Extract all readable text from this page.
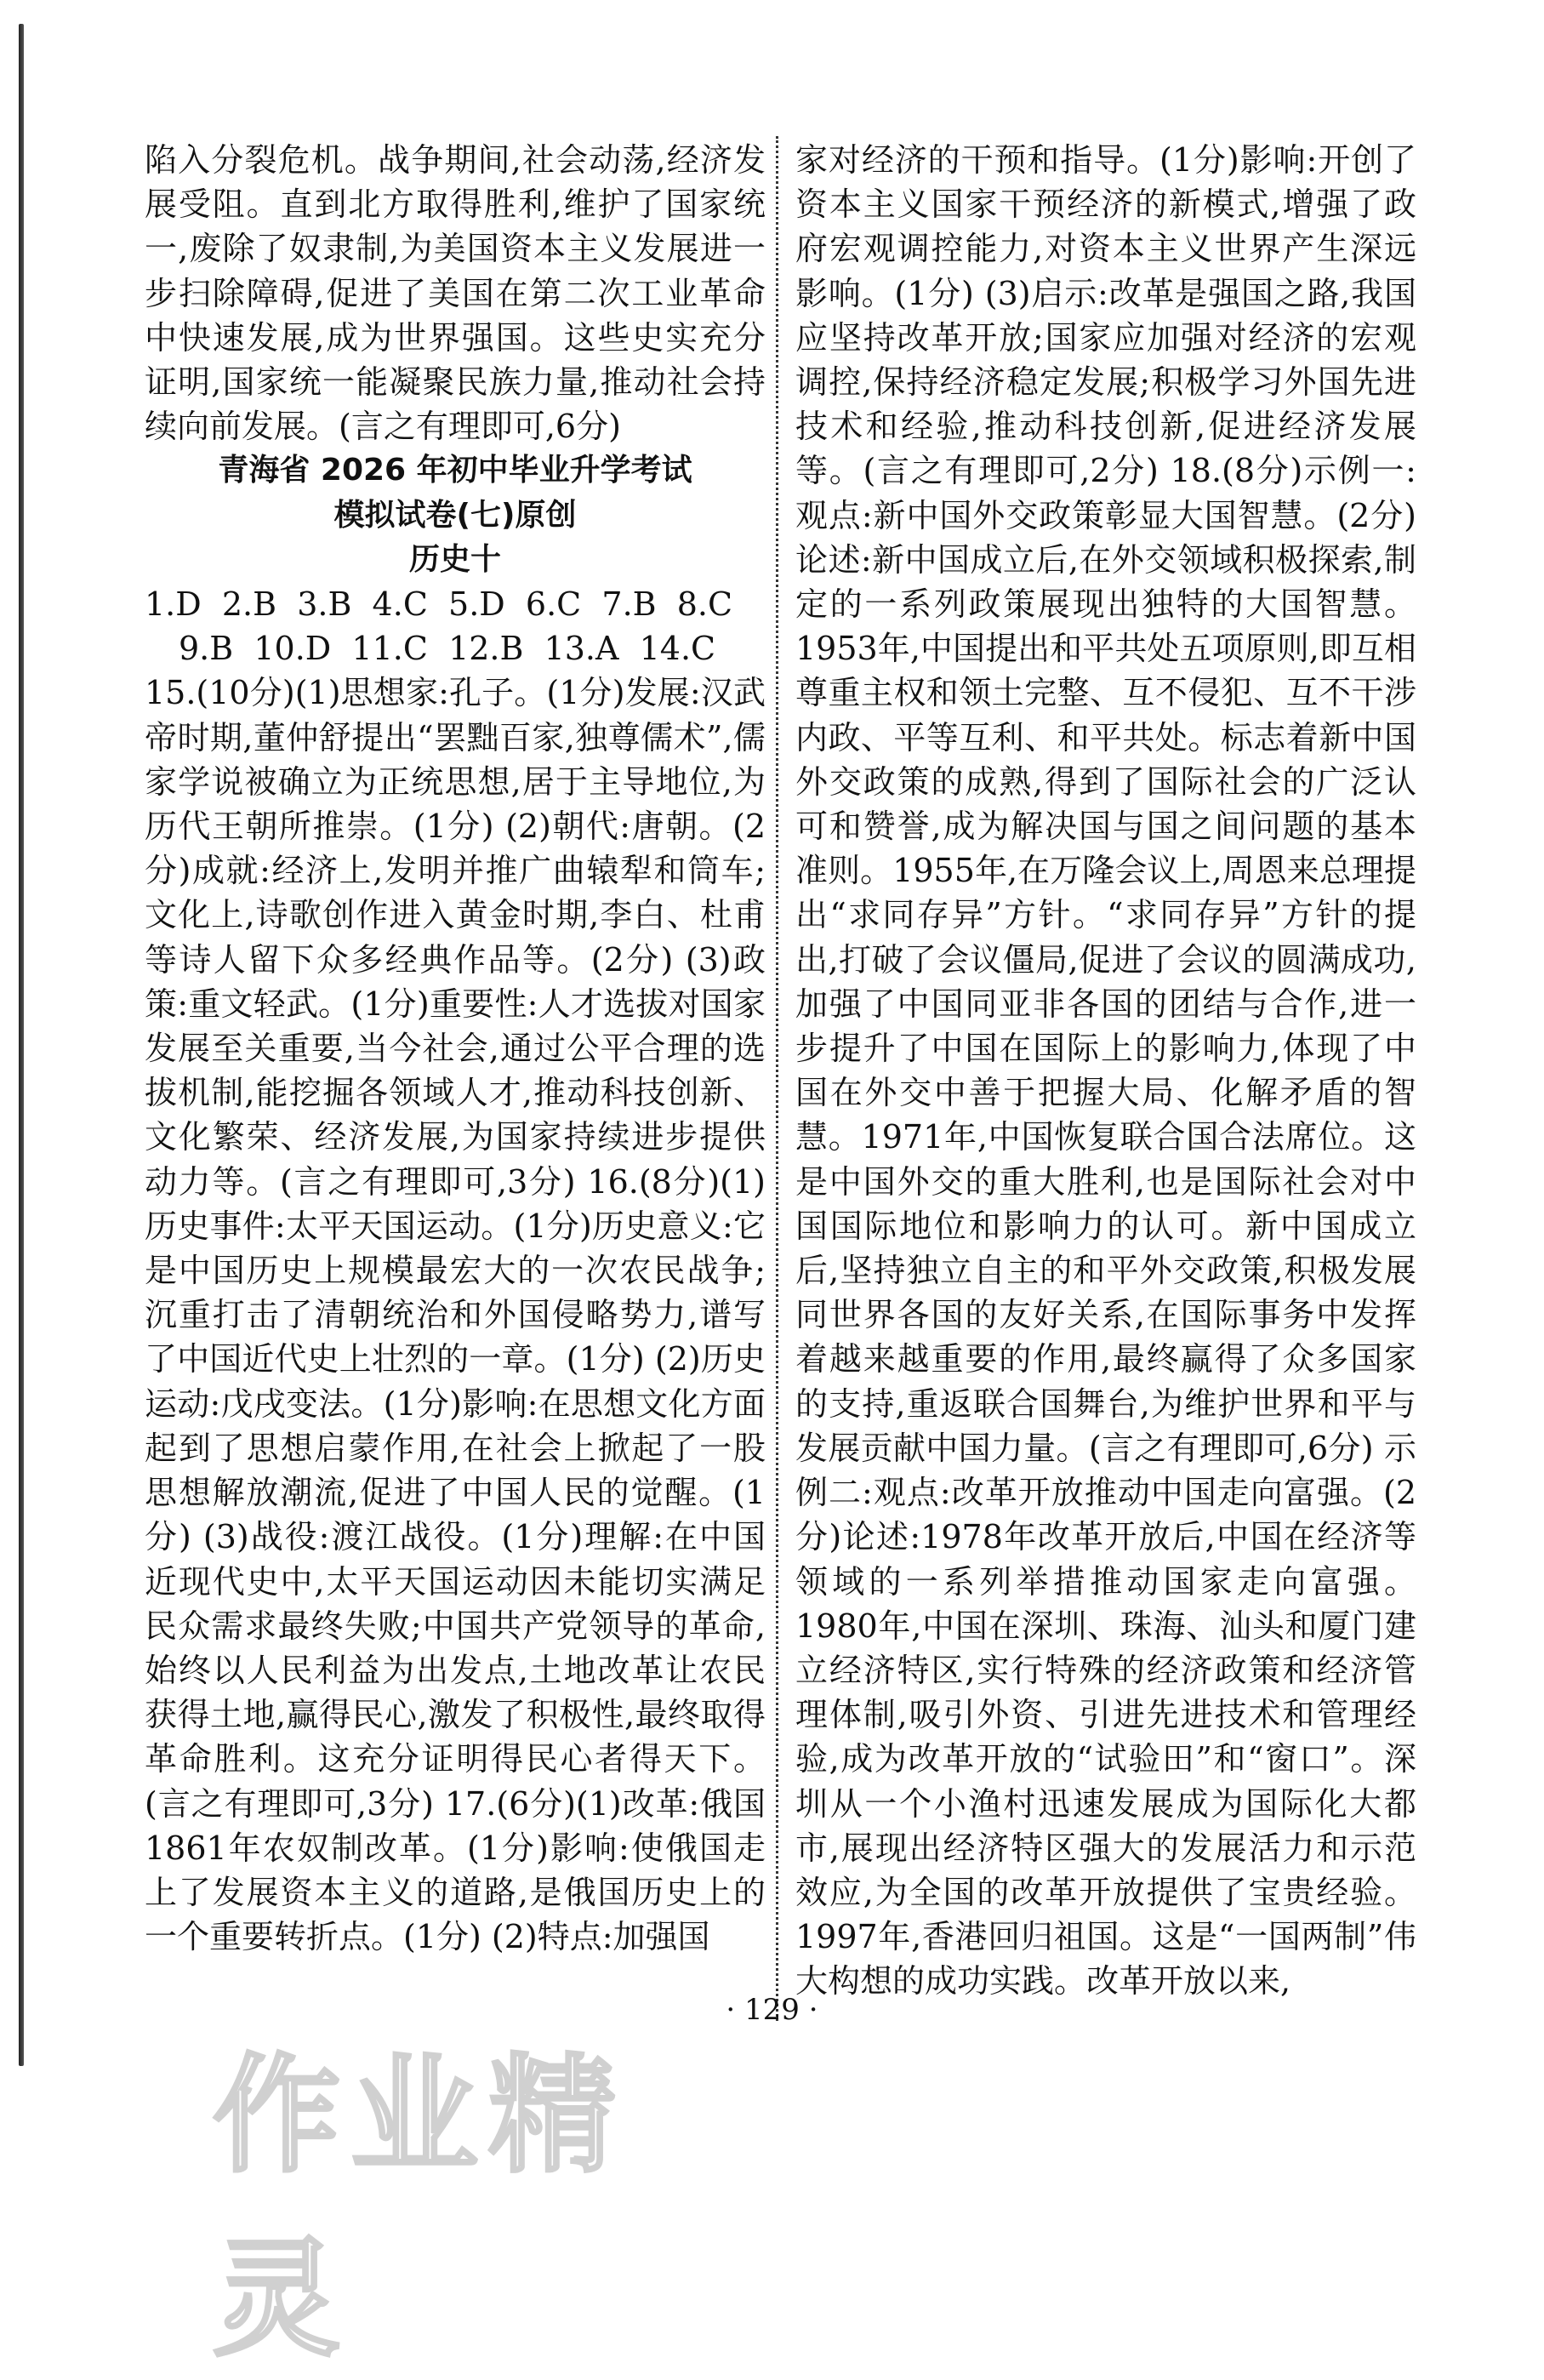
陷入分裂危机。战争期间,社会动荡,经济发展受阻。直到北方取得胜利,维护了国家统一,废除了奴隶制,为美国资本主义发展进一步扫除障碍,促进了美国在第二次工业革命中快速发展,成为世界强国。这些史实充分证明,国家统一能凝聚民族力量,推动社会持续向前发展。(言之有理即可,6分)

青海省 2026 年初中毕业升学考试

模拟试卷(七)原创

历史十

1.D  2.B  3.B  4.C  5.D  6.C  7.B  8.C

9.B  10.D  11.C  12.B  13.A  14.C

15.(10分)(1)思想家:孔子。(1分)发展:汉武帝时期,董仲舒提出“罢黜百家,独尊儒术”,儒家学说被确立为正统思想,居于主导地位,为历代王朝所推崇。(1分) (2)朝代:唐朝。(2分)成就:经济上,发明并推广曲辕犁和筒车;文化上,诗歌创作进入黄金时期,李白、杜甫等诗人留下众多经典作品等。(2分) (3)政策:重文轻武。(1分)重要性:人才选拔对国家发展至关重要,当今社会,通过公平合理的选拔机制,能挖掘各领域人才,推动科技创新、文化繁荣、经济发展,为国家持续进步提供动力等。(言之有理即可,3分) 16.(8分)(1)历史事件:太平天国运动。(1分)历史意义:它是中国历史上规模最宏大的一次农民战争;沉重打击了清朝统治和外国侵略势力,谱写了中国近代史上壮烈的一章。(1分) (2)历史运动:戊戌变法。(1分)影响:在思想文化方面起到了思想启蒙作用,在社会上掀起了一股思想解放潮流,促进了中国人民的觉醒。(1分) (3)战役:渡江战役。(1分)理解:在中国近现代史中,太平天国运动因未能切实满足民众需求最终失败;中国共产党领导的革命,始终以人民利益为出发点,土地改革让农民获得土地,赢得民心,激发了积极性,最终取得革命胜利。这充分证明得民心者得天下。(言之有理即可,3分) 17.(6分)(1)改革:俄国1861年农奴制改革。(1分)影响:使俄国走上了发展资本主义的道路,是俄国历史上的一个重要转折点。(1分) (2)特点:加强国

家对经济的干预和指导。(1分)影响:开创了资本主义国家干预经济的新模式,增强了政府宏观调控能力,对资本主义世界产生深远影响。(1分) (3)启示:改革是强国之路,我国应坚持改革开放;国家应加强对经济的宏观调控,保持经济稳定发展;积极学习外国先进技术和经验,推动科技创新,促进经济发展等。(言之有理即可,2分) 18.(8分)示例一:观点:新中国外交政策彰显大国智慧。(2分)论述:新中国成立后,在外交领域积极探索,制定的一系列政策展现出独特的大国智慧。1953年,中国提出和平共处五项原则,即互相尊重主权和领土完整、互不侵犯、互不干涉内政、平等互利、和平共处。标志着新中国外交政策的成熟,得到了国际社会的广泛认可和赞誉,成为解决国与国之间问题的基本准则。1955年,在万隆会议上,周恩来总理提出“求同存异”方针。“求同存异”方针的提出,打破了会议僵局,促进了会议的圆满成功,加强了中国同亚非各国的团结与合作,进一步提升了中国在国际上的影响力,体现了中国在外交中善于把握大局、化解矛盾的智慧。1971年,中国恢复联合国合法席位。这是中国外交的重大胜利,也是国际社会对中国国际地位和影响力的认可。新中国成立后,坚持独立自主的和平外交政策,积极发展同世界各国的友好关系,在国际事务中发挥着越来越重要的作用,最终赢得了众多国家的支持,重返联合国舞台,为维护世界和平与发展贡献中国力量。(言之有理即可,6分) 示例二:观点:改革开放推动中国走向富强。(2分)论述:1978年改革开放后,中国在经济等领域的一系列举措推动国家走向富强。1980年,中国在深圳、珠海、汕头和厦门建立经济特区,实行特殊的经济政策和经济管理体制,吸引外资、引进先进技术和管理经验,成为改革开放的“试验田”和“窗口”。深圳从一个小渔村迅速发展成为国际化大都市,展现出经济特区强大的发展活力和示范效应,为全国的改革开放提供了宝贵经验。1997年,香港回归祖国。这是“一国两制”伟大构想的成功实践。改革开放以来,

· 129 ·
作业精灵
